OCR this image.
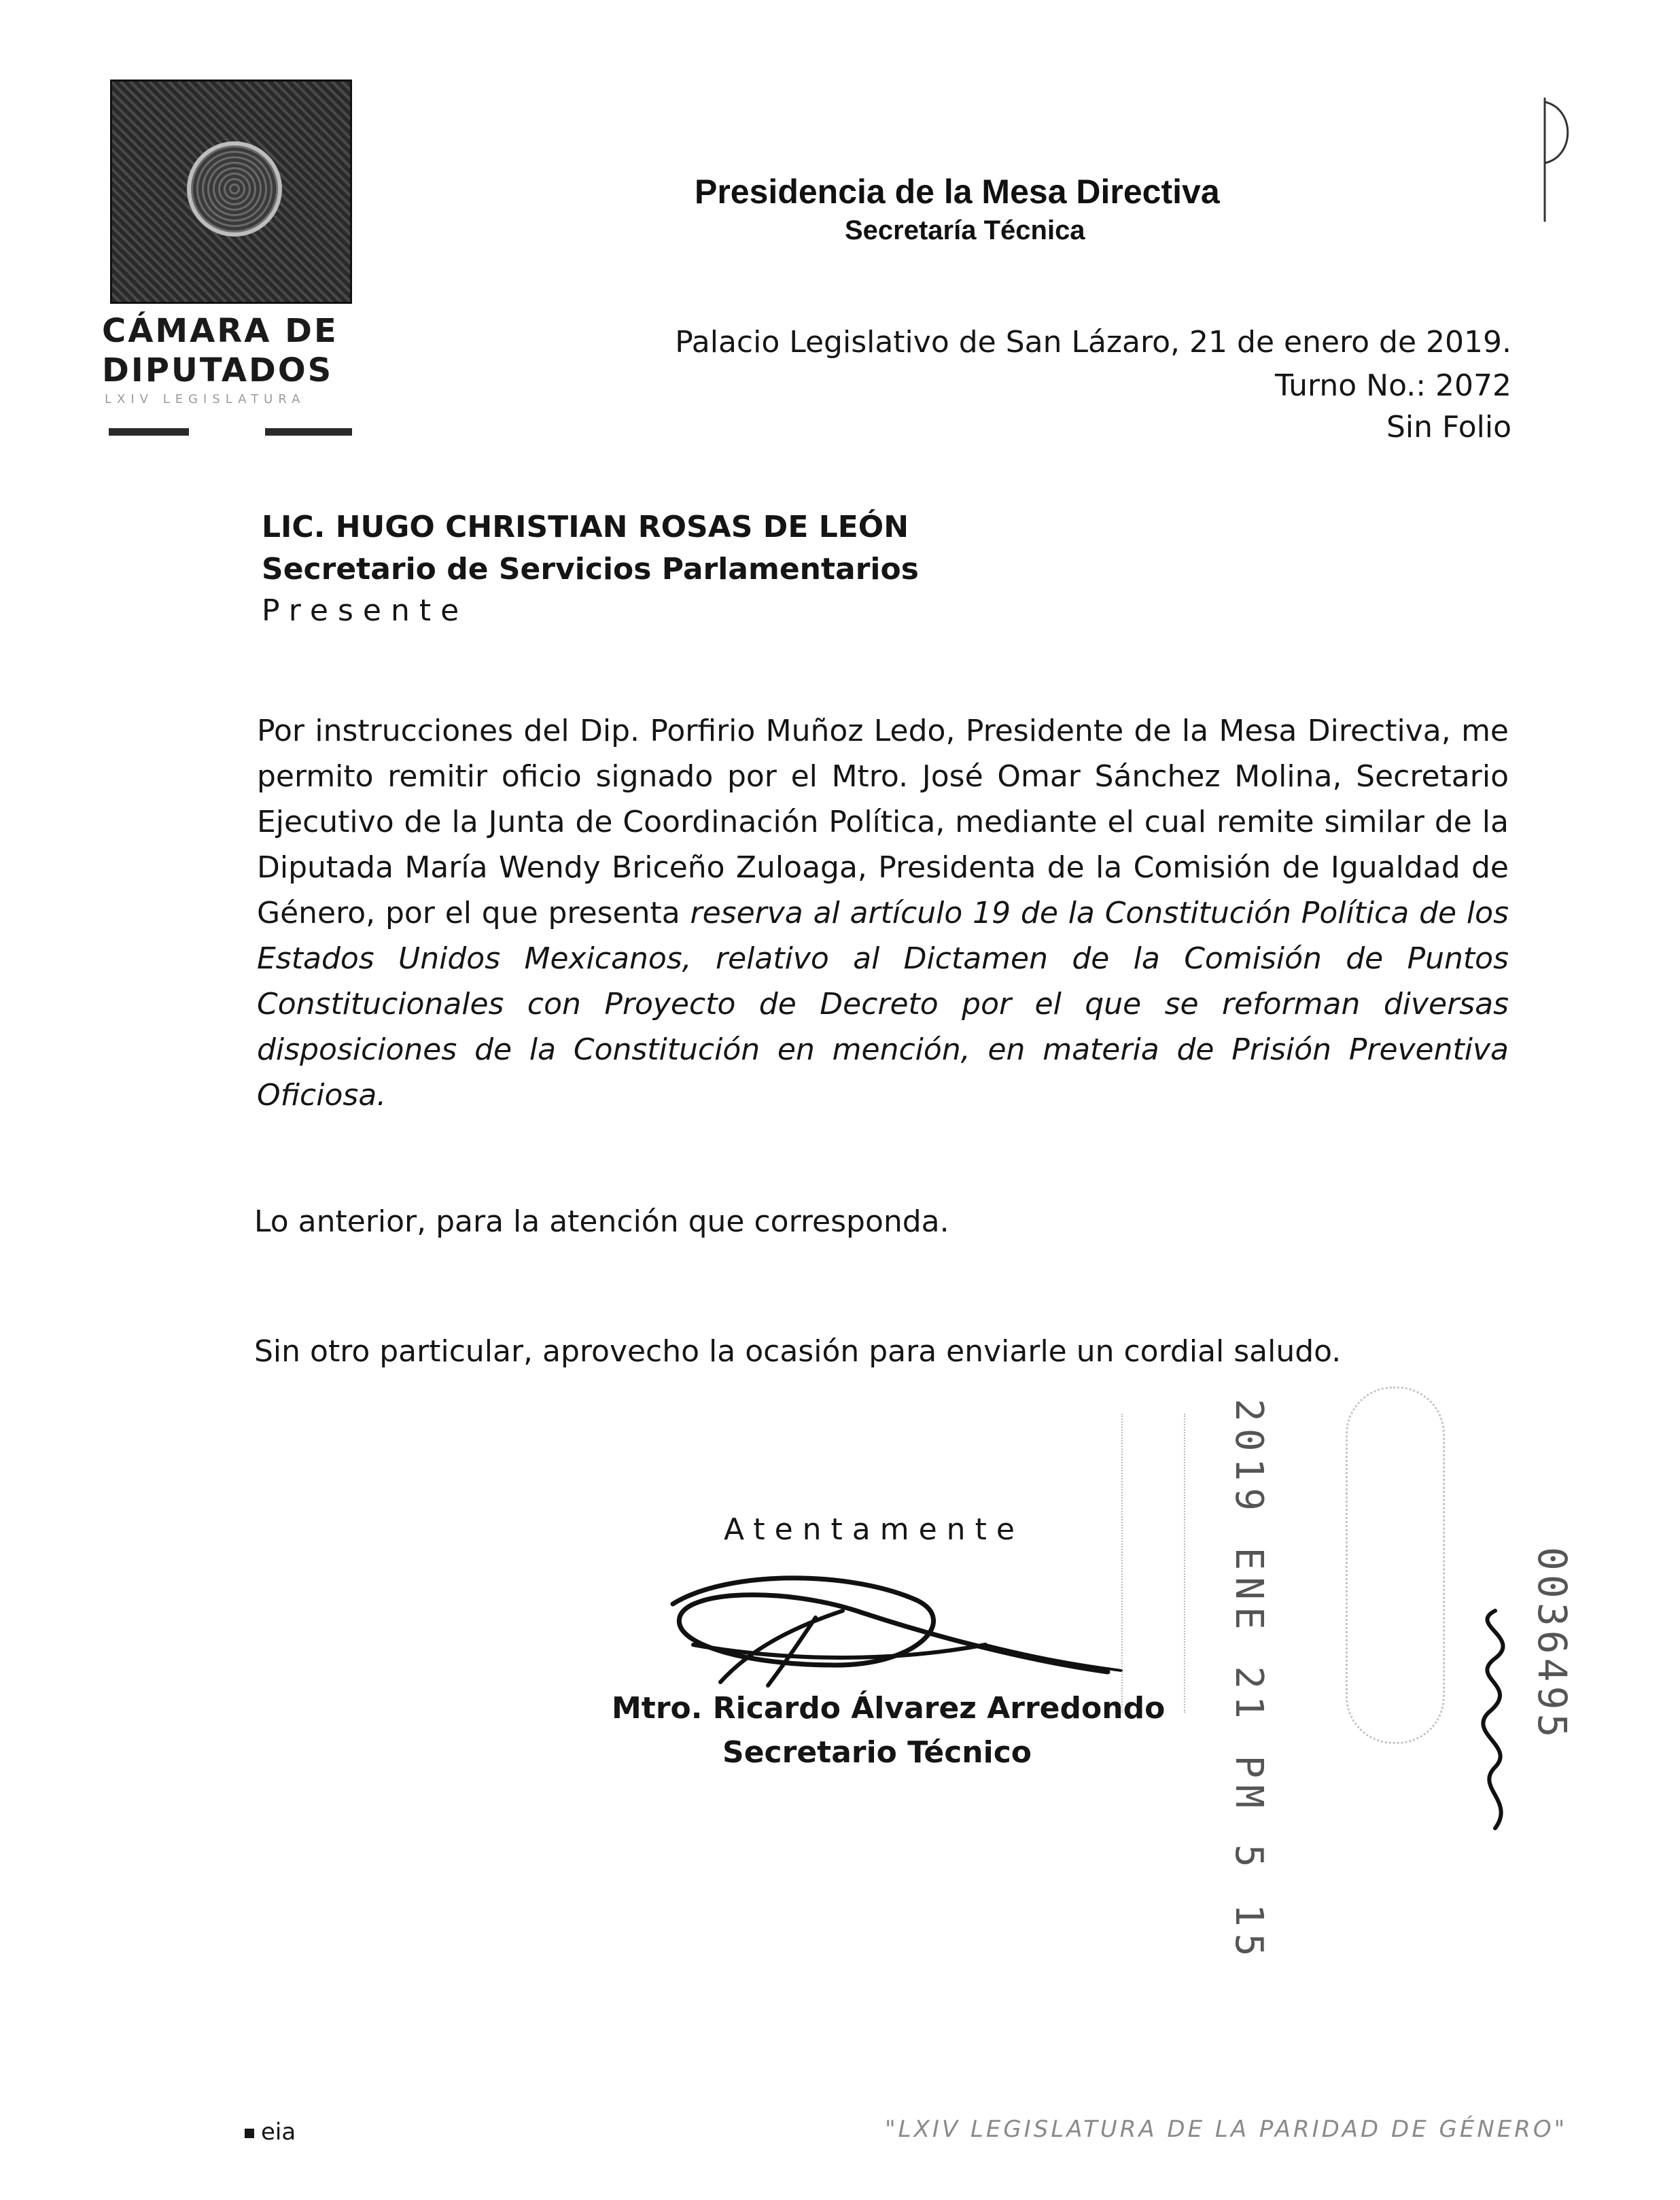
CÁMARA DE
DIPUTADOS
LXIV LEGISLATURA
Presidencia de la Mesa Directiva
Secretaría Técnica
Palacio Legislativo de San Lázaro, 21 de enero de 2019.
Turno No.: 2072
Sin Folio
LIC. HUGO CHRISTIAN ROSAS DE LEÓN
Secretario de Servicios Parlamentarios
Presente
Por instrucciones del Dip. Porfirio Muñoz Ledo, Presidente de la Mesa Directiva, me permito remitir oficio signado por el Mtro. José Omar Sánchez Molina, Secretario Ejecutivo de la Junta de Coordinación Política, mediante el cual remite similar de la Diputada María Wendy Briceño Zuloaga, Presidenta de la Comisión de Igualdad de Género, por el que presenta reserva al artículo 19 de la Constitución Política de los Estados Unidos Mexicanos, relativo al Dictamen de la Comisión de Puntos Constitucionales con Proyecto de Decreto por el que se reforman diversas disposiciones de la Constitución en mención, en materia de Prisión Preventiva Oficiosa.
Lo anterior, para la atención que corresponda.
Sin otro particular, aprovecho la ocasión para enviarle un cordial saludo.
Atentamente
Mtro. Ricardo Álvarez Arredondo
Secretario Técnico	2019 ENE 21 PM 5 15	0036495
"LXIV LEGISLATURA DE LA PARIDAD DE GÉNERO"
eia
